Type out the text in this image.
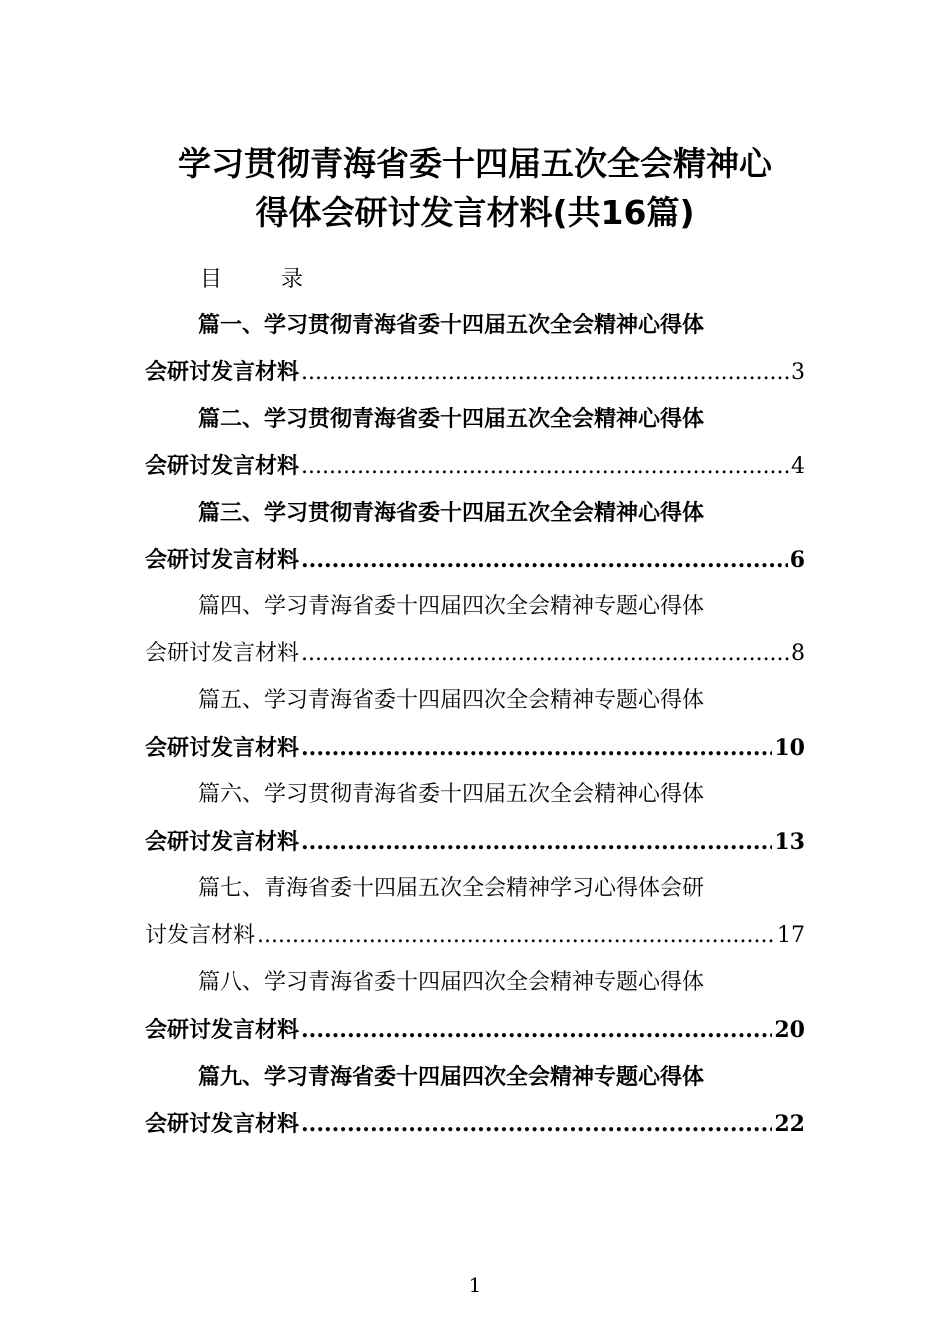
学习贯彻青海省委十四届五次全会精神心
得体会研讨发言材料(共16篇)
目 录
篇一、学习贯彻青海省委十四届五次全会精神心得体
会研讨发言材料 .....	3
篇二、学习贯彻青海省委十四届五次全会精神心得体
会研讨发言材料 .....	4
篇三、学习贯彻青海省委十四届五次全会精神心得体
会研讨发言材料 .....	6
篇四、学习青海省委十四届四次全会精神专题心得体
会研讨发言材料 .....	8
篇五、学习青海省委十四届四次全会精神专题心得体
会研讨发言材料 .....	10
篇六、学习贯彻青海省委十四届五次全会精神心得体
会研讨发言材料 .....	13
篇七、青海省委十四届五次全会精神学习心得体会研
讨发言材料 .....	17
篇八、学习青海省委十四届四次全会精神专题心得体
会研讨发言材料 .....	20
篇九、学习青海省委十四届四次全会精神专题心得体
会研讨发言材料 .....	22
1
